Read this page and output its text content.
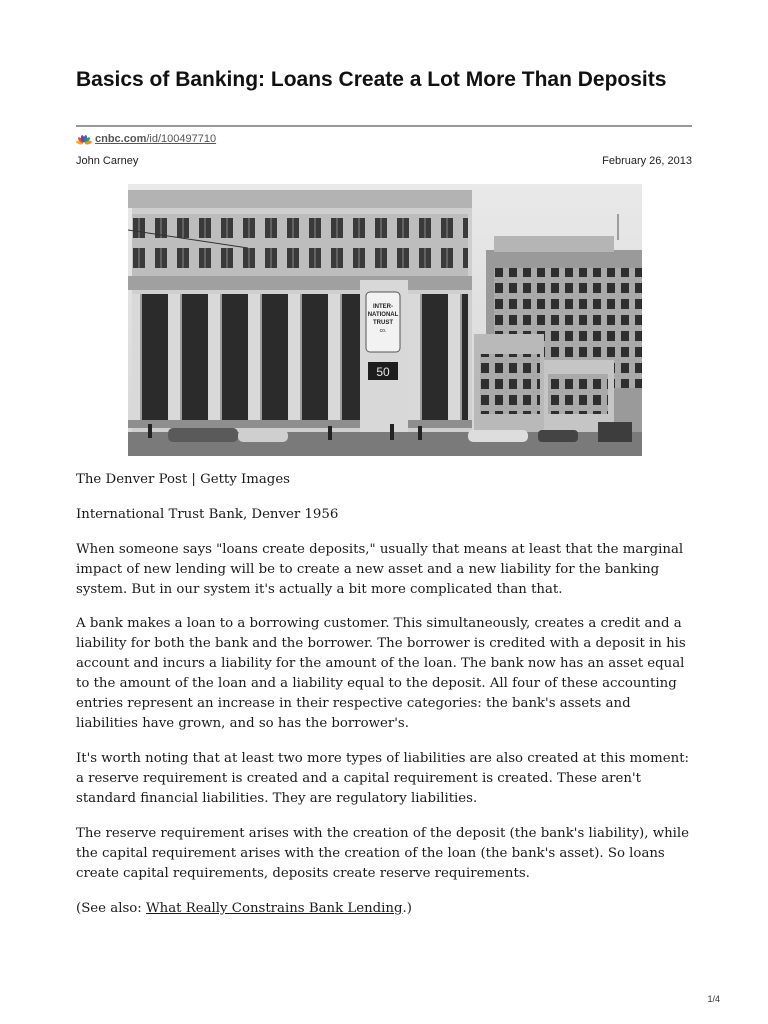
Basics of Banking: Loans Create a Lot More Than Deposits
cnbc.com/id/100497710
John Carney	February 26, 2013
INTER-
NATIONAL
TRUST
co.
50

The Denver Post | Getty Images

International Trust Bank, Denver 1956

When someone says "loans create deposits," usually that means at least that the marginal impact of new lending will be to create a new asset and a new liability for the banking system. But in our system it's actually a bit more complicated than that.

A bank makes a loan to a borrowing customer. This simultaneously, creates a credit and a liability for both the bank and the borrower. The borrower is credited with a deposit in his account and incurs a liability for the amount of the loan. The bank now has an asset equal to the amount of the loan and a liability equal to the deposit. All four of these accounting entries represent an increase in their respective categories: the bank's assets and liabilities have grown, and so has the borrower's.

It's worth noting that at least two more types of liabilities are also created at this moment: a reserve requirement is created and a capital requirement is created. These aren't standard financial liabilities. They are regulatory liabilities.

The reserve requirement arises with the creation of the deposit (the bank's liability), while the capital requirement arises with the creation of the loan (the bank's asset). So loans create capital requirements, deposits create reserve requirements.

(See also: What Really Constrains Bank Lending.)

1/4
